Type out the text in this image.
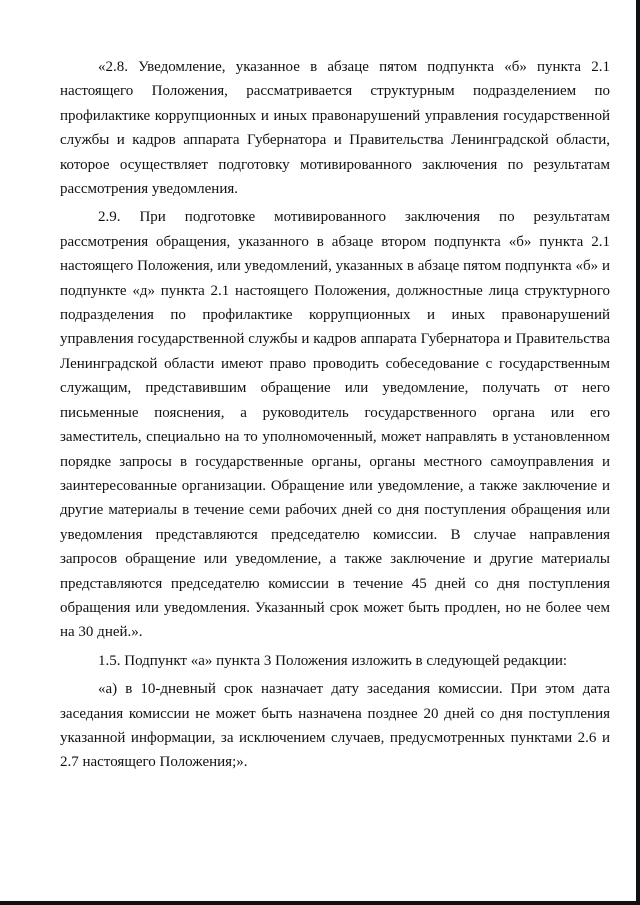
«2.8. Уведомление, указанное в абзаце пятом подпункта «б» пункта 2.1 настоящего Положения, рассматривается структурным подразделением по профилактике коррупционных и иных правонарушений управления государственной службы и кадров аппарата Губернатора и Правительства Ленинградской области, которое осуществляет подготовку мотивированного заключения по результатам рассмотрения уведомления.

2.9. При подготовке мотивированного заключения по результатам рассмотрения обращения, указанного в абзаце втором подпункта «б» пункта 2.1 настоящего Положения, или уведомлений, указанных в абзаце пятом подпункта «б» и подпункте «д» пункта 2.1 настоящего Положения, должностные лица структурного подразделения по профилактике коррупционных и иных правонарушений управления государственной службы и кадров аппарата Губернатора и Правительства Ленинградской области имеют право проводить собеседование с государственным служащим, представившим обращение или уведомление, получать от него письменные пояснения, а руководитель государственного органа или его заместитель, специально на то уполномоченный, может направлять в установленном порядке запросы в государственные органы, органы местного самоуправления и заинтересованные организации. Обращение или уведомление, а также заключение и другие материалы в течение семи рабочих дней со дня поступления обращения или уведомления представляются председателю комиссии. В случае направления запросов обращение или уведомление, а также заключение и другие материалы представляются председателю комиссии в течение 45 дней со дня поступления обращения или уведомления. Указанный срок может быть продлен, но не более чем на 30 дней.».

1.5. Подпункт «а» пункта 3 Положения изложить в следующей редакции:

«а) в 10-дневный срок назначает дату заседания комиссии. При этом дата заседания комиссии не может быть назначена позднее 20 дней со дня поступления указанной информации, за исключением случаев, предусмотренных пунктами 2.6 и 2.7 настоящего Положения;».
